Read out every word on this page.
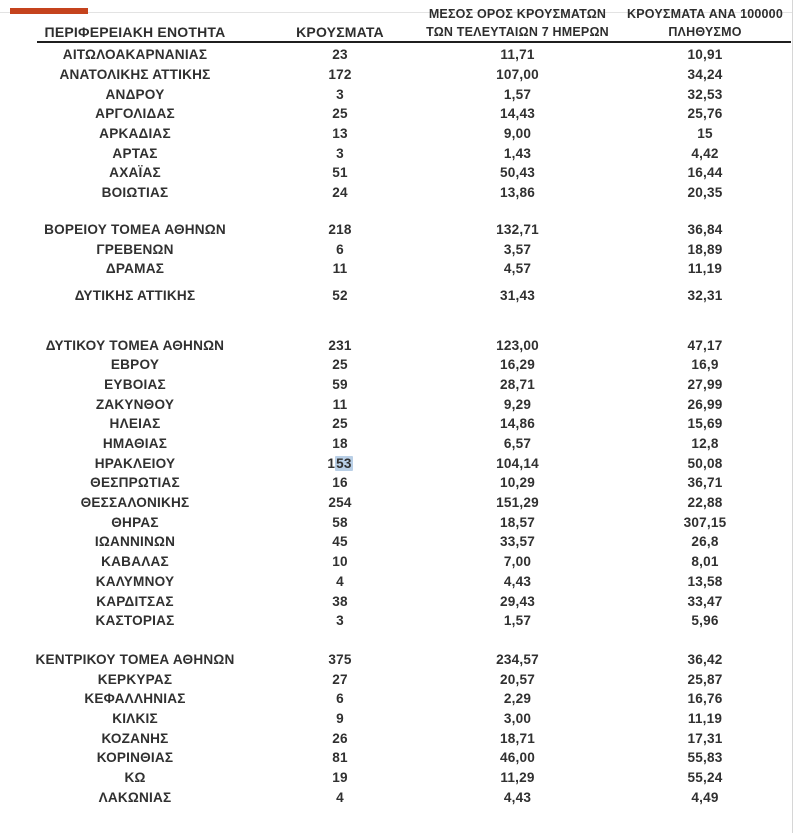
ΜΕΣΟΣ ΟΡΟΣ ΚΡΟΥΣΜΑΤΩΝ	ΚΡΟΥΣΜΑΤΑ ΑΝΑ 100000
ΠΕΡΙΦΕΡΕΙΑΚΗ ΕΝΟΤΗΤΑ	ΚΡΟΥΣΜΑΤΑ	ΤΩΝ ΤΕΛΕΥΤΑΙΩΝ 7 ΗΜΕΡΩΝ	ΠΛΗΘΥΣΜΟ
ΑΙΤΩΛΟΑΚΑΡΝΑΝΙΑΣ	23	11,71	10,91
ΑΝΑΤΟΛΙΚΗΣ ΑΤΤΙΚΗΣ	172	107,00	34,24
ΑΝΔΡΟΥ	3	1,57	32,53
ΑΡΓΟΛΙΔΑΣ	25	14,43	25,76
ΑΡΚΑΔΙΑΣ	13	9,00	15
ΑΡΤΑΣ	3	1,43	4,42
ΑΧΑΪΑΣ	51	50,43	16,44
ΒΟΙΩΤΙΑΣ	24	13,86	20,35
ΒΟΡΕΙΟΥ ΤΟΜΕΑ ΑΘΗΝΩΝ	218	132,71	36,84
ΓΡΕΒΕΝΩΝ	6	3,57	18,89
ΔΡΑΜΑΣ	11	4,57	11,19
ΔΥΤΙΚΗΣ ΑΤΤΙΚΗΣ	52	31,43	32,31
ΔΥΤΙΚΟΥ ΤΟΜΕΑ ΑΘΗΝΩΝ	231	123,00	47,17
ΕΒΡΟΥ	25	16,29	16,9
ΕΥΒΟΙΑΣ	59	28,71	27,99
ΖΑΚΥΝΘΟΥ	11	9,29	26,99
ΗΛΕΙΑΣ	25	14,86	15,69
ΗΜΑΘΙΑΣ	18	6,57	12,8
ΗΡΑΚΛΕΙΟΥ	153	104,14	50,08
ΘΕΣΠΡΩΤΙΑΣ	16	10,29	36,71
ΘΕΣΣΑΛΟΝΙΚΗΣ	254	151,29	22,88
ΘΗΡΑΣ	58	18,57	307,15
ΙΩΑΝΝΙΝΩΝ	45	33,57	26,8
ΚΑΒΑΛΑΣ	10	7,00	8,01
ΚΑΛΥΜΝΟΥ	4	4,43	13,58
ΚΑΡΔΙΤΣΑΣ	38	29,43	33,47
ΚΑΣΤΟΡΙΑΣ	3	1,57	5,96
ΚΕΝΤΡΙΚΟΥ ΤΟΜΕΑ ΑΘΗΝΩΝ	375	234,57	36,42
ΚΕΡΚΥΡΑΣ	27	20,57	25,87
ΚΕΦΑΛΛΗΝΙΑΣ	6	2,29	16,76
ΚΙΛΚΙΣ	9	3,00	11,19
ΚΟΖΑΝΗΣ	26	18,71	17,31
ΚΟΡΙΝΘΙΑΣ	81	46,00	55,83
ΚΩ	19	11,29	55,24
ΛΑΚΩΝΙΑΣ	4	4,43	4,49
